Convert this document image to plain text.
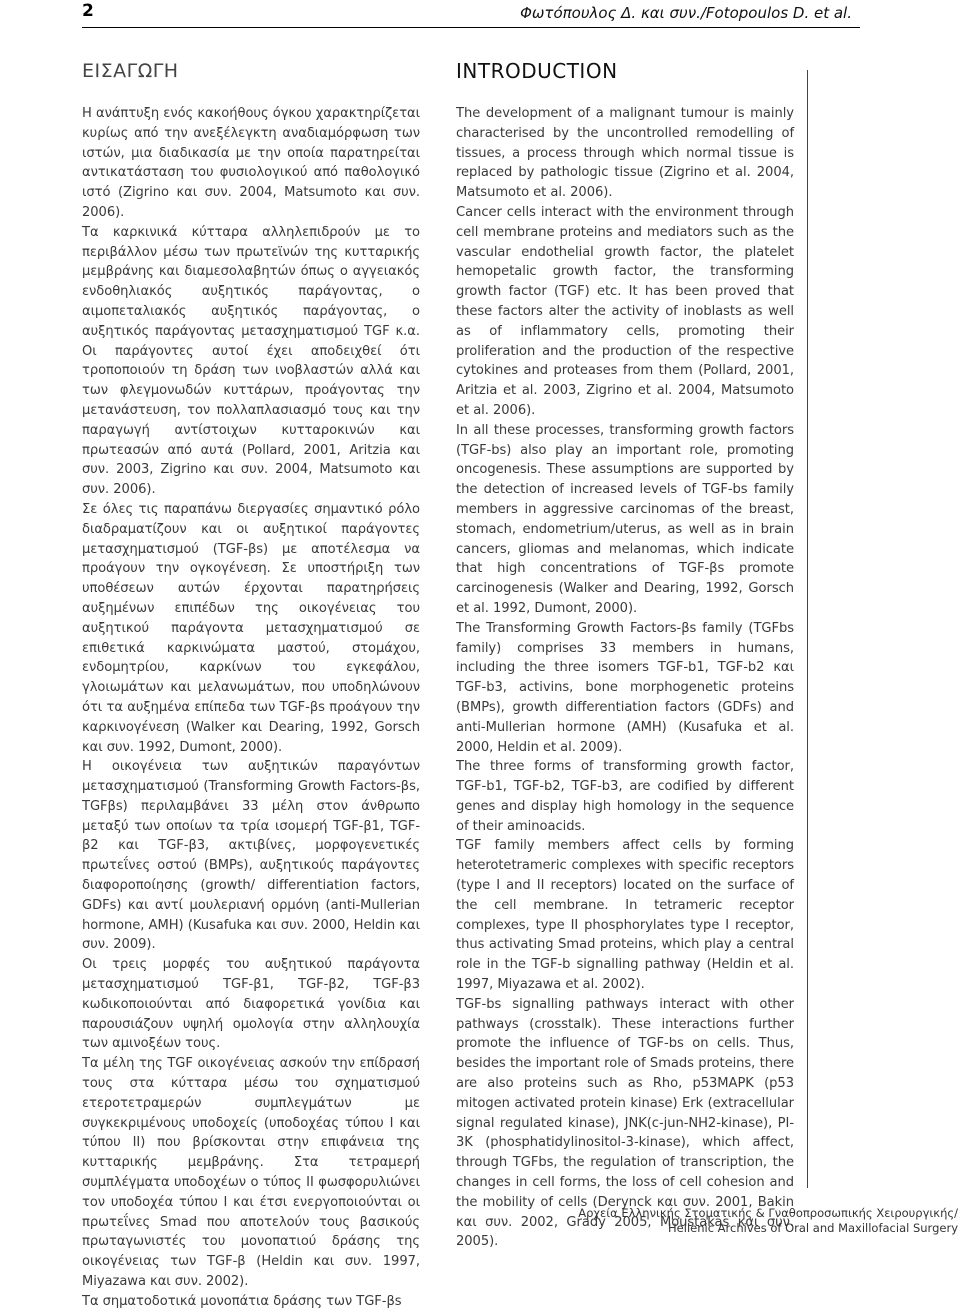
2	Φωτόπουλος Δ. και συν./Fotopoulos D. et al.
ΕΙΣΑΓΩΓΗ

Η ανάπτυξη ενός κακοήθους όγκου χαρακτηρίζεται κυρίως από την ανεξέλεγκτη αναδιαμόρφωση των ιστών, μια διαδικασία με την οποία παρατηρείται αντικατάσταση του φυσιολογικού από παθολογικό ιστό (Zigrino και συν. 2004, Matsumoto και συν. 2006).

Τα καρκινικά κύτταρα αλληλεπιδρούν με το περιβάλλον μέσω των πρωτεϊνών της κυτταρικής μεμβράνης και διαμεσολαβητών όπως ο αγγειακός ενδοθηλιακός αυξητικός παράγοντας, ο αιμοπεταλιακός αυξητικός παράγοντας, ο αυξητικός παράγοντας μετασχηματισμού TGF κ.α. Οι παράγοντες αυτοί έχει αποδειχθεί ότι τροποποιούν τη δράση των ινοβλαστών αλλά και των φλεγμονωδών κυττάρων, προάγοντας την μετανάστευση, τον πολλαπλασιασμό τους και την παραγωγή αντίστοιχων κυτταροκινών και πρωτεασών από αυτά (Pollard, 2001, Aritzia και συν. 2003, Zigrino και συν. 2004, Matsumoto και συν. 2006).

Σε όλες τις παραπάνω διεργασίες σημαντικό ρόλο διαδραματίζουν και οι αυξητικοί παράγοντες μετασχηματισμού (TGF-βs) με αποτέλεσμα να προάγουν την ογκογένεση. Σε υποστήριξη των υποθέσεων αυτών έρχονται παρατηρήσεις αυξημένων επιπέδων της οικογένειας του αυξητικού παράγοντα μετασχηματισμού σε επιθετικά καρκινώματα μαστού, στομάχου, ενδομητρίου, καρκίνων του εγκεφάλου, γλοιωμάτων και μελανωμάτων, που υποδηλώνουν ότι τα αυξημένα επίπεδα των TGF-βs προάγουν την καρκινογένεση (Walker και Dearing, 1992, Gorsch και συν. 1992, Dumont, 2000).

Η οικογένεια των αυξητικών παραγόντων μετασχηματισμού (Transforming Growth Factors-βs, TGFβs) περιλαμβάνει 33 μέλη στον άνθρωπο μεταξύ των οποίων τα τρία ισομερή TGF-β1, TGF-β2 και TGF-β3, ακτιβίνες, μορφογενετικές πρωτεΐνες οστού (BMPs), αυξητικούς παράγοντες διαφοροποίησης (growth/ differentiation factors, GDFs) και αντί μουλεριανή ορμόνη (anti-Mullerian hormone, AMH) (Kusafuka και συν. 2000, Heldin και συν. 2009).

Οι τρεις μορφές του αυξητικού παράγοντα μετασχηματισμού TGF-β1, TGF-β2, TGF-β3 κωδικοποιούνται από διαφορετικά γονίδια και παρουσιάζουν υψηλή ομολογία στην αλληλουχία των αμινοξέων τους.

Τα μέλη της TGF οικογένειας ασκούν την επίδρασή τους στα κύτταρα μέσω του σχηματισμού ετεροτετραμερών συμπλεγμάτων με συγκεκριμένους υποδοχείς (υποδοχέας τύπου I και τύπου II) που βρίσκονται στην επιφάνεια της κυτταρικής μεμβράνης. Στα τετραμερή συμπλέγματα υποδοχέων ο τύπος II φωσφορυλιώνει τον υποδοχέα τύπου I και έτσι ενεργοποιούνται οι πρωτεΐνες Smad που αποτελούν τους βασικούς πρωταγωνιστές του μονοπατιού δράσης της οικογένειας των TGF-β (Heldin και συν. 1997, Miyazawa και συν. 2002).

Τα σηματοδοτικά μονοπάτια δράσης των TGF-βs

INTRODUCTION

The development of a malignant tumour is mainly characterised by the uncontrolled remodelling of tissues, a process through which normal tissue is replaced by pathologic tissue (Zigrino et al. 2004, Matsumoto et al. 2006).

Cancer cells interact with the environment through cell membrane proteins and mediators such as the vascular endothelial growth factor, the platelet hemopetalic growth factor, the transforming growth factor (TGF) etc. It has been proved that these factors alter the activity of inoblasts as well as of inflammatory cells, promoting their proliferation and the production of the respective cytokines and proteases from them (Pollard, 2001, Aritzia et al. 2003, Zigrino et al. 2004, Matsumoto et al. 2006).

In all these processes, transforming growth factors (TGF-bs) also play an important role, promoting oncogenesis. These assumptions are supported by the detection of increased levels of TGF-bs family members in aggressive carcinomas of the breast, stomach, endometrium/uterus, as well as in brain cancers, gliomas and melanomas, which indicate that high concentrations of TGF-βs promote carcinogenesis (Walker and Dearing, 1992, Gorsch et al. 1992, Dumont, 2000).

The Transforming Growth Factors-βs family (TGFbs family) comprises 33 members in humans, including the three isomers TGF-b1, TGF-b2 και TGF-b3, activins, bone morphogenetic proteins (BMPs), growth differentiation factors (GDFs) and anti-Mullerian hormone (AMH) (Kusafuka et al. 2000, Heldin et al. 2009).

The three forms of transforming growth factor, TGF-b1, TGF-b2, TGF-b3, are codified by different genes and display high homology in the sequence of their aminoacids.

TGF family members affect cells by forming heterotetrameric complexes with specific receptors (type I and II receptors) located on the surface of the cell membrane. In tetrameric receptor complexes, type II phosphorylates type I receptor, thus activating Smad proteins, which play a central role in the TGF-b signalling pathway (Heldin et al. 1997, Miyazawa et al. 2002).

TGF-bs signalling pathways interact with other pathways (crosstalk). These interactions further promote the influence of TGF-bs on cells. Thus, besides the important role of Smads proteins, there are also proteins such as Rho, p53MAPK (p53 mitogen activated protein kinase) Erk (extracellular signal regulated kinase), JNK(c-jun-NH2-kinase), PI-3K (phosphatidylinositol-3-kinase), which affect, through TGFbs, the regulation of transcription, the changes in cell forms, the loss of cell cohesion and the mobility of cells (Derynck και συν. 2001, Bakin και συν. 2002, Grady 2005, Moustakas και συν. 2005).

Αρχεία Ελληνικής Στοματικής & Γναθοπροσωπικής Χειρουργικής/
Hellenic Archives of Oral and Maxillofacial Surgery
